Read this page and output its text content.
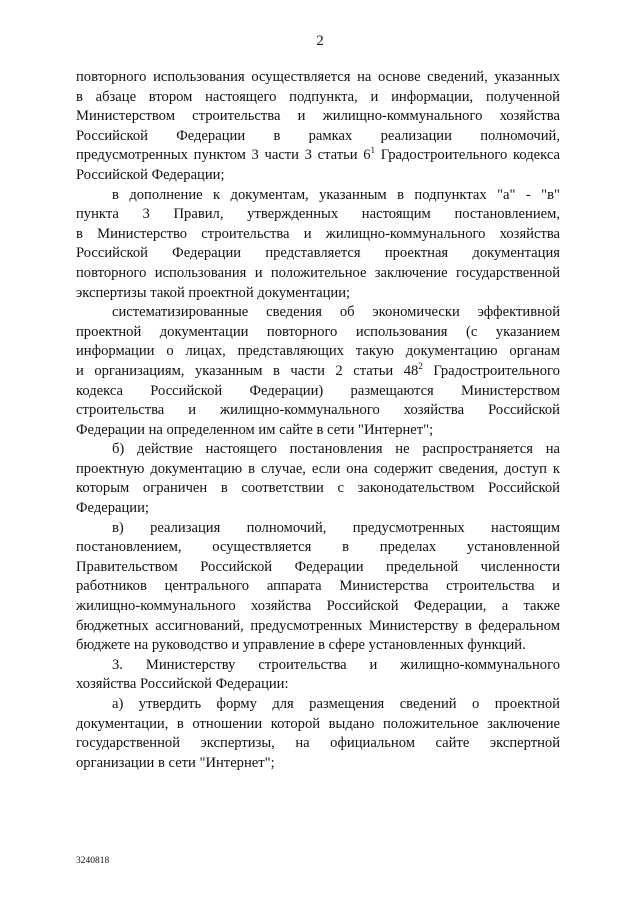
2
повторного использования осуществляется на основе сведений, указанных
в абзаце втором настоящего подпункта, и информации, полученной
Министерством строительства и жилищно-коммунального хозяйства
Российской Федерации в рамках реализации полномочий,
предусмотренных пунктом 3 части 3 статьи $6^1$ Градостроительного кодекса
Российской Федерации;
в дополнение к документам, указанным в подпунктах "а" - "в"
пункта 3 Правил, утвержденных настоящим постановлением,
в Министерство строительства и жилищно-коммунального хозяйства
Российской Федерации представляется проектная документация
повторного использования и положительное заключение государственной
экспертизы такой проектной документации;
систематизированные сведения об экономически эффективной
проектной документации повторного использования (с указанием
информации о лицах, представляющих такую документацию органам
и организациям, указанным в части 2 статьи $48^2$ Градостроительного
кодекса Российской Федерации) размещаются Министерством
строительства и жилищно-коммунального хозяйства Российской
Федерации на определенном им сайте в сети "Интернет";
б) действие настоящего постановления не распространяется на
проектную документацию в случае, если она содержит сведения, доступ к
которым ограничен в соответствии с законодательством Российской
Федерации;
в) реализация полномочий, предусмотренных настоящим
постановлением, осуществляется в пределах установленной
Правительством Российской Федерации предельной численности
работников центрального аппарата Министерства строительства и
жилищно-коммунального хозяйства Российской Федерации, а также
бюджетных ассигнований, предусмотренных Министерству в федеральном
бюджете на руководство и управление в сфере установленных функций.
3. Министерству строительства и жилищно-коммунального
хозяйства Российской Федерации:
а) утвердить форму для размещения сведений о проектной
документации, в отношении которой выдано положительное заключение
государственной экспертизы, на официальном сайте экспертной
организации в сети "Интернет";
3240818
